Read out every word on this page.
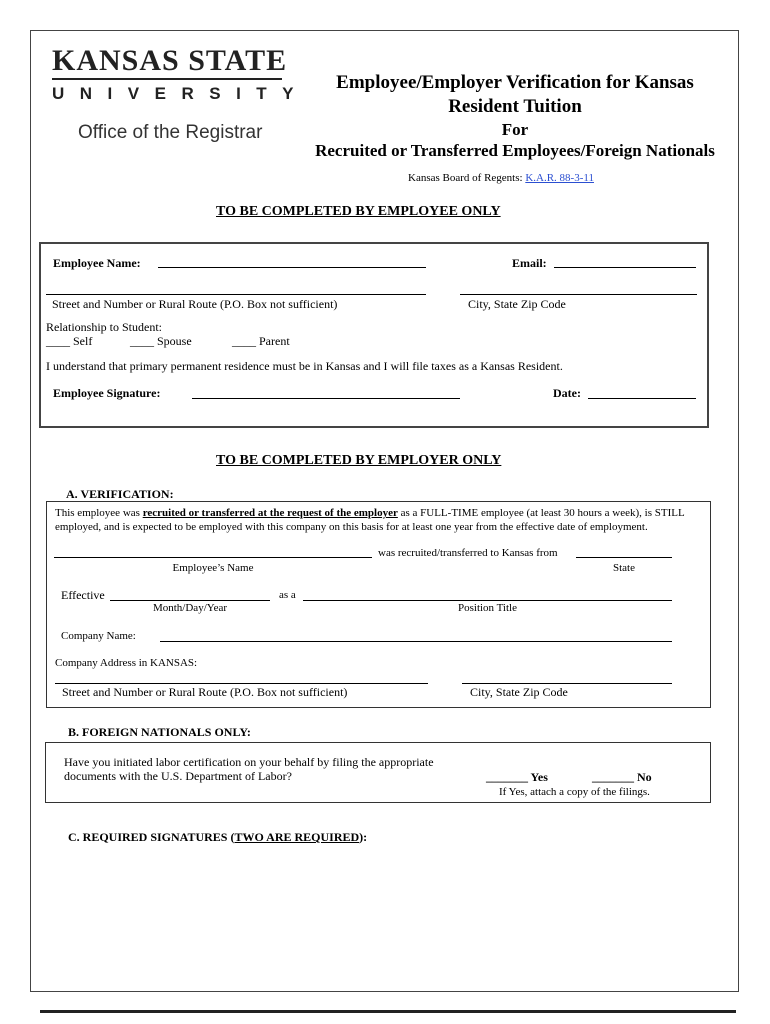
KANSAS STATE
UNIVERSITY
Office of the Registrar
Employee/Employer Verification for Kansas
Resident Tuition
For
Recruited or Transferred Employees/Foreign Nationals
Kansas Board of Regents: K.A.R. 88-3-11
TO BE COMPLETED BY EMPLOYEE ONLY
Employee Name:	Email:
Street and Number or Rural Route (P.O. Box not sufficient)	City, State Zip Code
Relationship to Student:
____ Self	____ Spouse	____ Parent
I understand that primary permanent residence must be in Kansas and I will file taxes as a Kansas Resident.
Employee Signature:	Date:
TO BE COMPLETED BY EMPLOYER ONLY
A. VERIFICATION:
This employee was recruited or transferred at the request of the employer as a FULL-TIME employee (at least 30 hours a week), is STILL
employed, and is expected to be employed with this company on this basis for at least one year from the effective date of employment.
was recruited/transferred to Kansas from
Employee’s Name	State
Effective	as a
Month/Day/Year	Position Title
Company Name:
Company Address in KANSAS:
Street and Number or Rural Route (P.O. Box not sufficient)	City, State Zip Code
B. FOREIGN NATIONALS ONLY:
Have you initiated labor certification on your behalf by filing the appropriate
documents with the U.S. Department of Labor?	_______ Yes	_______ No
If Yes, attach a copy of the filings.
C. REQUIRED SIGNATURES (TWO ARE REQUIRED):
